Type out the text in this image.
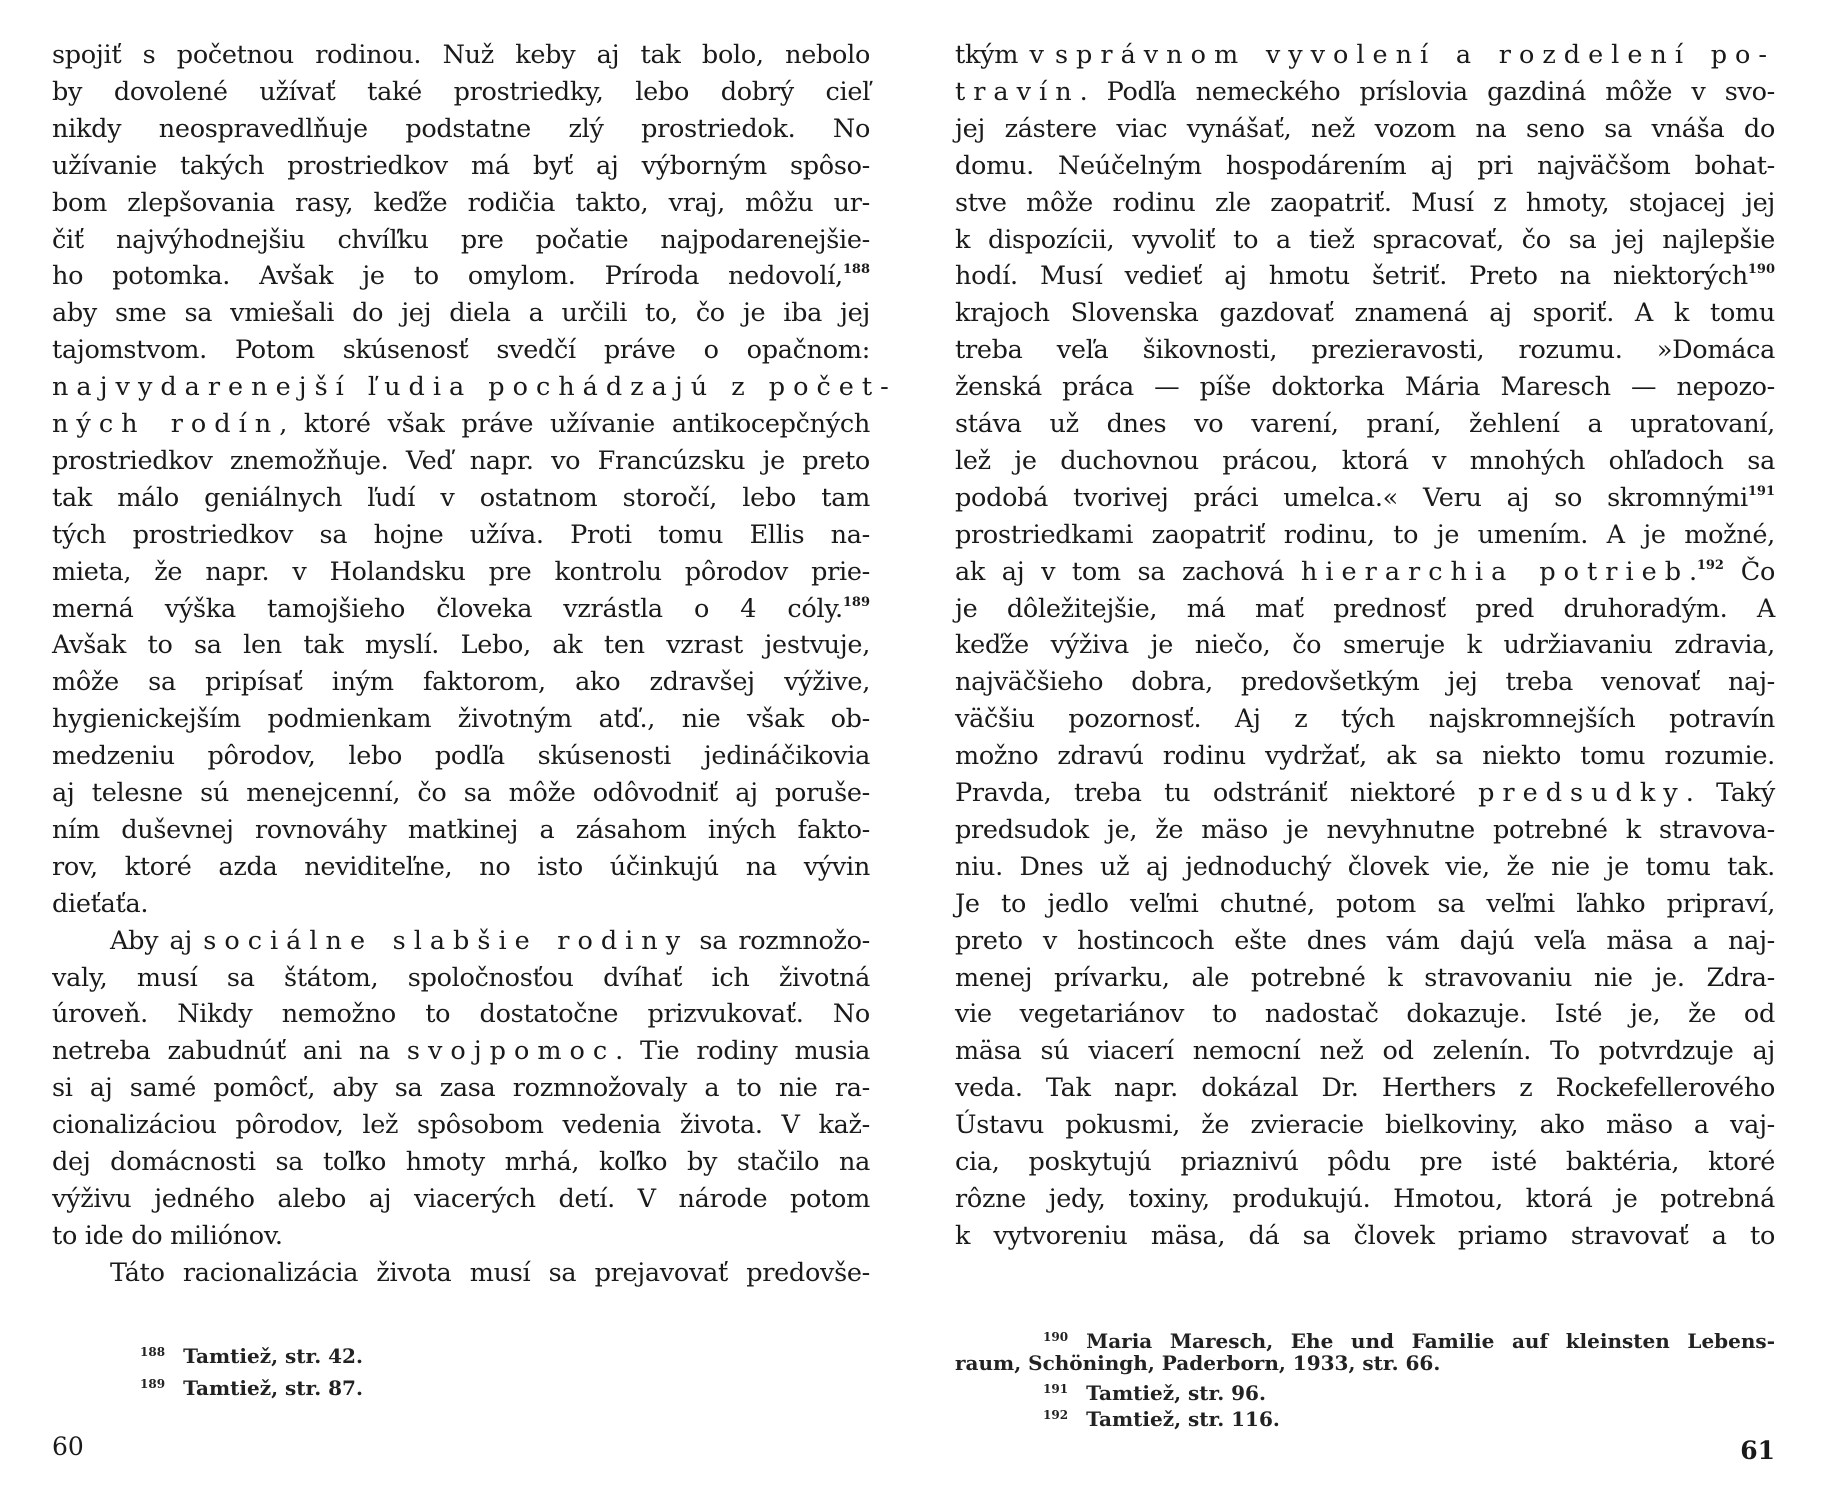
spojiť s početnou rodinou. Nuž keby aj tak bolo, nebolo
by dovolené užívať také prostriedky, lebo dobrý cieľ
nikdy neospravedlňuje podstatne zlý prostriedok. No
užívanie takých prostriedkov má byť aj výborným spôso-
bom zlepšovania rasy, keďže rodičia takto, vraj, môžu ur-
čiť najvýhodnejšiu chvíľku pre počatie najpodarenejšie-
ho potomka. Avšak je to omylom. Príroda nedovolí,$^{188}$
aby sme sa vmiešali do jej diela a určili to, čo je iba jej
tajomstvom. Potom skúsenosť svedčí práve o opačnom:
najvydarenejší ľudia pochádzajú z počet-
ných rodín, ktoré však práve užívanie antikocepčných
prostriedkov znemožňuje. Veď napr. vo Francúzsku je preto
tak málo geniálnych ľudí v ostatnom storočí, lebo tam
tých prostriedkov sa hojne užíva. Proti tomu Ellis na-
mieta, že napr. v Holandsku pre kontrolu pôrodov prie-
merná výška tamojšieho človeka vzrástla o 4 cóly.$^{189}$
Avšak to sa len tak myslí. Lebo, ak ten vzrast jestvuje,
môže sa pripísať iným faktorom, ako zdravšej výžive,
hygienickejším podmienkam životným atď., nie však ob-
medzeniu pôrodov, lebo podľa skúsenosti jedináčikovia
aj telesne sú menejcenní, čo sa môže odôvodniť aj poruše-
ním duševnej rovnováhy matkinej a zásahom iných fakto-
rov, ktoré azda neviditeľne, no isto účinkujú na vývin
dieťaťa.
Aby aj sociálne slabšie rodiny sa rozmnožo-
valy, musí sa štátom, spoločnosťou dvíhať ich životná
úroveň. Nikdy nemožno to dostatočne prizvukovať. No
netreba zabudnúť ani na svojpomoc. Tie rodiny musia
si aj samé pomôcť, aby sa zasa rozmnožovaly a to nie ra-
cionalizáciou pôrodov, lež spôsobom vedenia života. V kaž-
dej domácnosti sa toľko hmoty mrhá, koľko by stačilo na
výživu jedného alebo aj viacerých detí. V národe potom
to ide do miliónov.
Táto racionalizácia života musí sa prejavovať predovše-
$^{188}$ Tamtiež, str. 42.
$^{189}$ Tamtiež, str. 87.
60
tkým v správnom vyvolení a rozdelení po-
travín. Podľa nemeckého príslovia gazdiná môže v svo-
jej zástere viac vynášať, než vozom na seno sa vnáša do
domu. Neúčelným hospodárením aj pri najväčšom bohat-
stve môže rodinu zle zaopatriť. Musí z hmoty, stojacej jej
k dispozícii, vyvoliť to a tiež spracovať, čo sa jej najlepšie
hodí. Musí vedieť aj hmotu šetriť. Preto na niektorých$^{190}$
krajoch Slovenska gazdovať znamená aj sporiť. A k tomu
treba veľa šikovnosti, prezieravosti, rozumu. »Domáca
ženská práca — píše doktorka Mária Maresch — nepozo-
stáva už dnes vo varení, praní, žehlení a upratovaní,
lež je duchovnou prácou, ktorá v mnohých ohľadoch sa
podobá tvorivej práci umelca.« Veru aj so skromnými$^{191}$
prostriedkami zaopatriť rodinu, to je umením. A je možné,
ak aj v tom sa zachová hierarchia potrieb.$^{192}$ Čo
je dôležitejšie, má mať prednosť pred druhoradým. A
keďže výživa je niečo, čo smeruje k udržiavaniu zdravia,
najväčšieho dobra, predovšetkým jej treba venovať naj-
väčšiu pozornosť. Aj z tých najskromnejších potravín
možno zdravú rodinu vydržať, ak sa niekto tomu rozumie.
Pravda, treba tu odstrániť niektoré predsudky. Taký
predsudok je, že mäso je nevyhnutne potrebné k stravova-
niu. Dnes už aj jednoduchý človek vie, že nie je tomu tak.
Je to jedlo veľmi chutné, potom sa veľmi ľahko pripraví,
preto v hostincoch ešte dnes vám dajú veľa mäsa a naj-
menej prívarku, ale potrebné k stravovaniu nie je. Zdra-
vie vegetariánov to nadostač dokazuje. Isté je, že od
mäsa sú viacerí nemocní než od zelenín. To potvrdzuje aj
veda. Tak napr. dokázal Dr. Herthers z Rockefellerového
Ústavu pokusmi, že zvieracie bielkoviny, ako mäso a vaj-
cia, poskytujú priaznivú pôdu pre isté baktéria, ktoré
rôzne jedy, toxiny, produkujú. Hmotou, ktorá je potrebná
k vytvoreniu mäsa, dá sa človek priamo stravovať a to
$^{190}$ Maria Maresch, Ehe und Familie auf kleinsten Lebens-
raum, Schöningh, Paderborn, 1933, str. 66.
$^{191}$ Tamtiež, str. 96.
$^{192}$ Tamtiež, str. 116.
61
